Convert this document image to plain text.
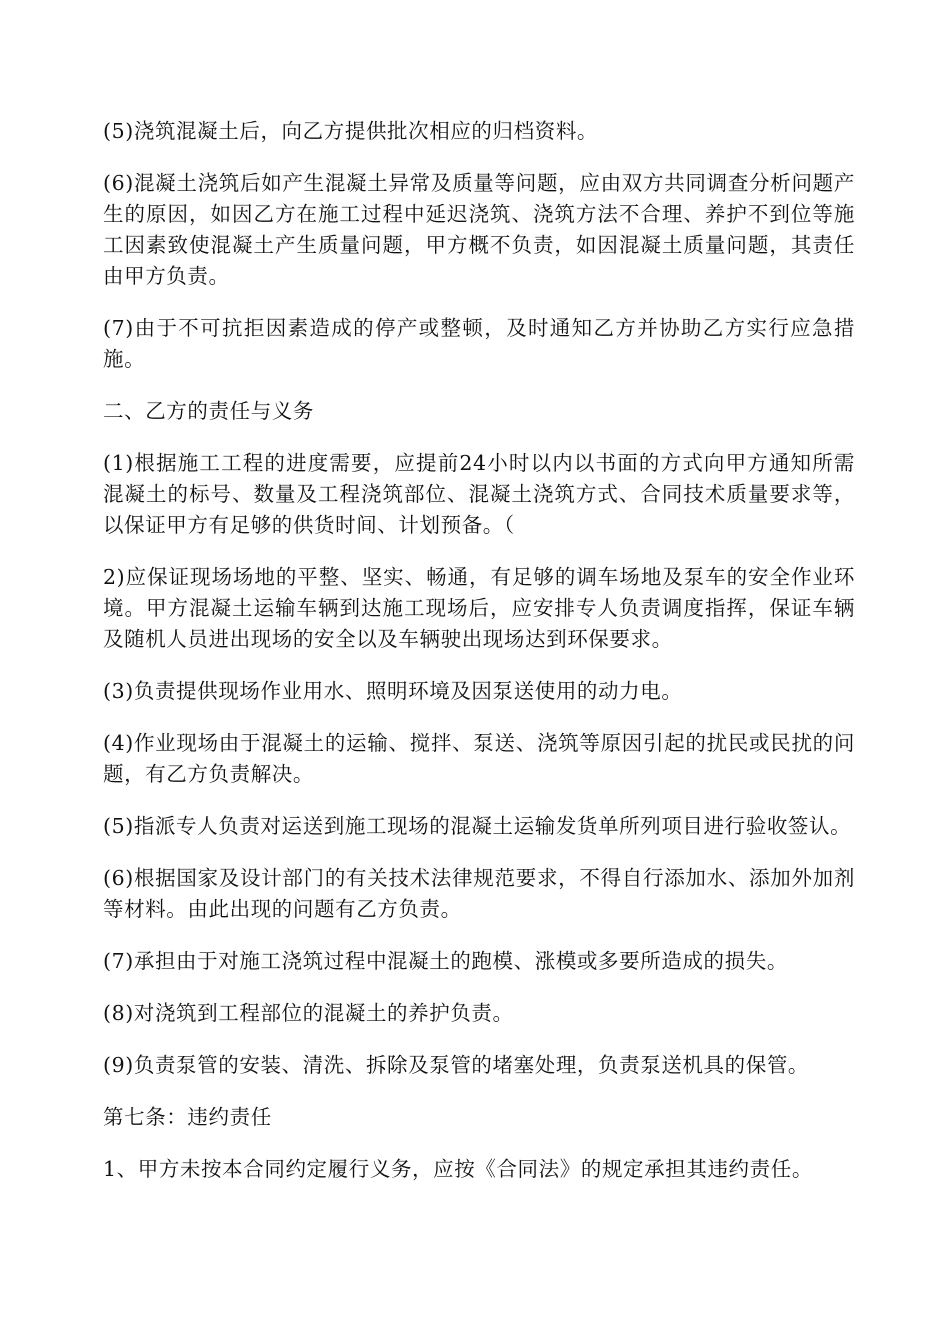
(5)浇筑混凝土后，向乙方提供批次相应的归档资料。

(6)混凝土浇筑后如产生混凝土异常及质量等问题，应由双方共同调查分析问题产生的原因，如因乙方在施工过程中延迟浇筑、浇筑方法不合理、养护不到位等施工因素致使混凝土产生质量问题，甲方概不负责，如因混凝土质量问题，其责任由甲方负责。

(7)由于不可抗拒因素造成的停产或整顿，及时通知乙方并协助乙方实行应急措施。

二、乙方的责任与义务

(1)根据施工工程的进度需要，应提前24小时以内以书面的方式向甲方通知所需混凝土的标号、数量及工程浇筑部位、混凝土浇筑方式、合同技术质量要求等，以保证甲方有足够的供货时间、计划预备。（

2)应保证现场场地的平整、坚实、畅通，有足够的调车场地及泵车的安全作业环境。甲方混凝土运输车辆到达施工现场后，应安排专人负责调度指挥，保证车辆及随机人员进出现场的安全以及车辆驶出现场达到环保要求。

(3)负责提供现场作业用水、照明环境及因泵送使用的动力电。

(4)作业现场由于混凝土的运输、搅拌、泵送、浇筑等原因引起的扰民或民扰的问题，有乙方负责解决。

(5)指派专人负责对运送到施工现场的混凝土运输发货单所列项目进行验收签认。

(6)根据国家及设计部门的有关技术法律规范要求，不得自行添加水、添加外加剂等材料。由此出现的问题有乙方负责。

(7)承担由于对施工浇筑过程中混凝土的跑模、涨模或多要所造成的损失。

(8)对浇筑到工程部位的混凝土的养护负责。

(9)负责泵管的安装、清洗、拆除及泵管的堵塞处理，负责泵送机具的保管。

第七条：违约责任

1、甲方未按本合同约定履行义务，应按《合同法》的规定承担其违约责任。
